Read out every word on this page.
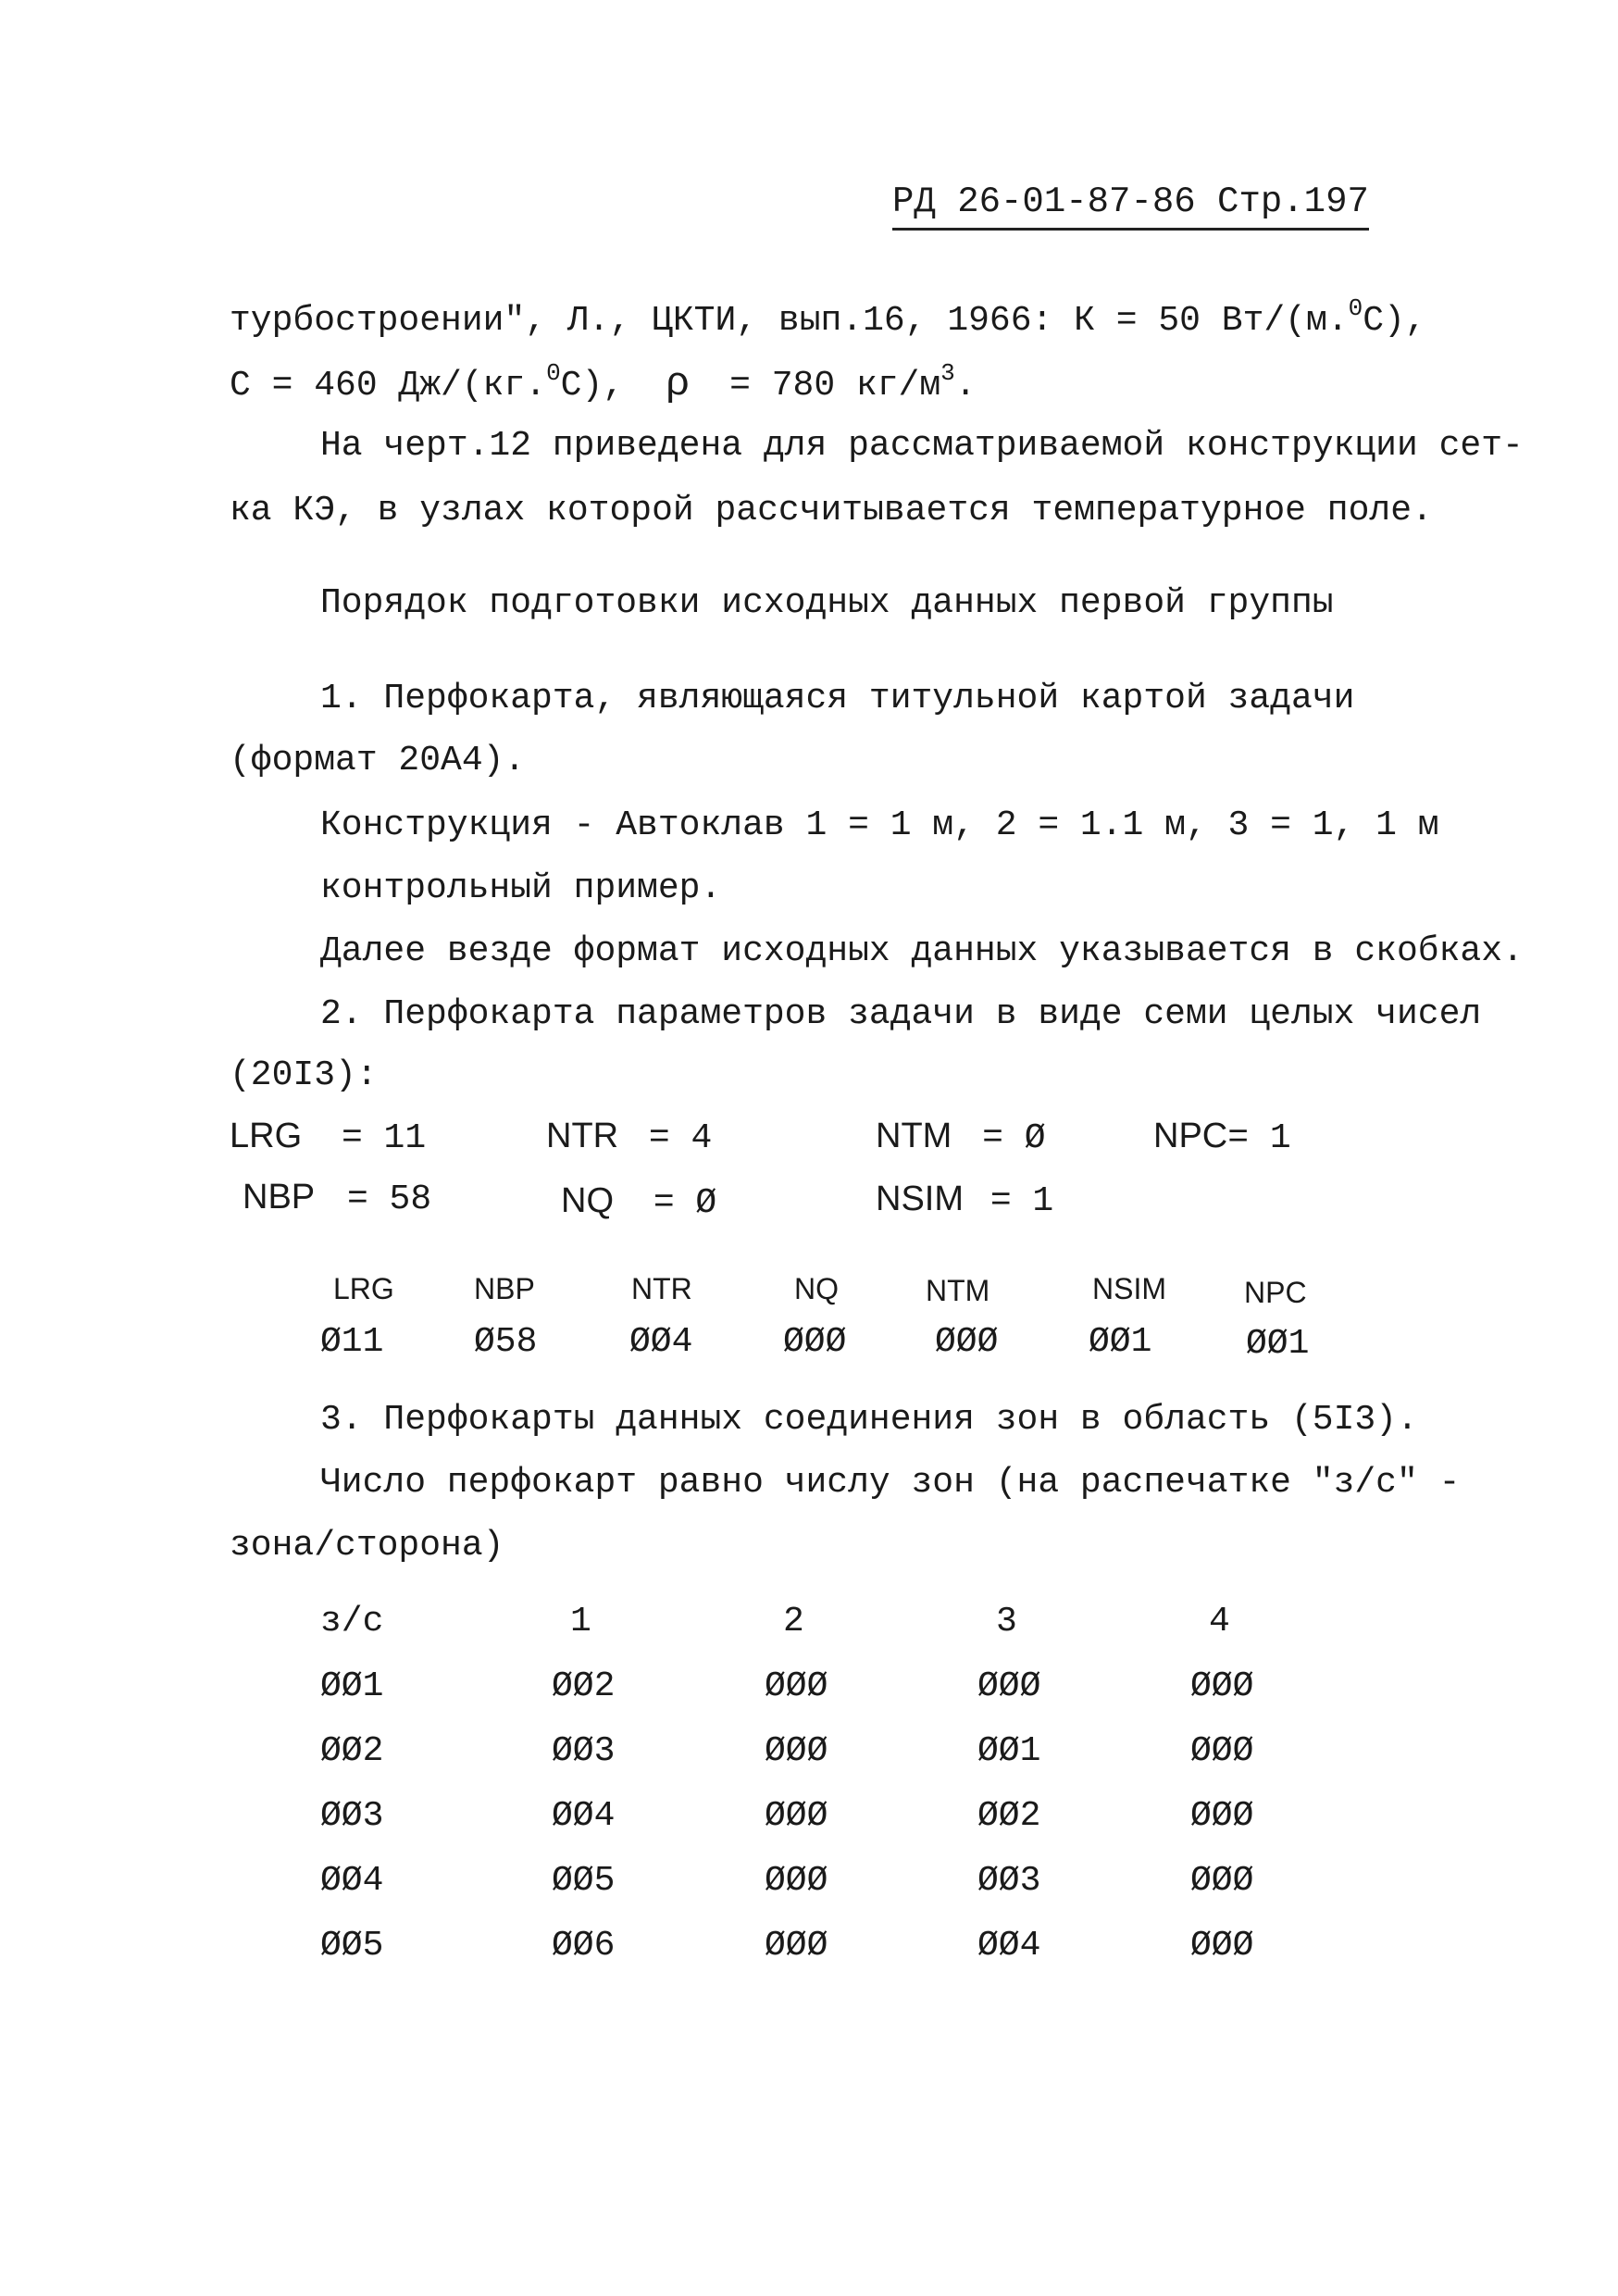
РД 26-01-87-86 Стр.197
турбостроении", Л., ЦКТИ, вып.16, 1966: К = 50 Вт/(м.$^0$С),
С = 460 Дж/(кг.$^0$С), ρ = 780 $кг/м^3$.
На черт.12 приведена для рассматриваемой конструкции сет-
ка КЭ, в узлах которой рассчитывается температурное поле.
Порядок подготовки исходных данных первой группы
1. Перфокарта, являющаяся титульной картой задачи
(формат 20А4).
Конструкция - Автоклав 1 = 1 м, 2 = 1.1 м, 3 = 1, 1 м
контрольный пример.
Далее везде формат исходных данных указывается в скобках.
2. Перфокарта параметров задачи в виде семи целых чисел
(20I3):
LRG = 11	NTR = 4	NTM = Ø	NPC= 1
NBP = 58	NQ = Ø	NSIM = 1
LRG	NBP	NTR	NQ	NTM	NSIM	NPC
Ø11	Ø58	ØØ4	ØØØ	ØØØ	ØØ1	ØØ1
3. Перфокарты данных соединения зон в область (5I3).
Число перфокарт равно числу зон (на распечатке "з/с" -
зона/сторона)
з/с	1	2	3	4
ØØ1	ØØ2	ØØØ	ØØØ	ØØØ
ØØ2	ØØ3	ØØØ	ØØ1	ØØØ
ØØ3	ØØ4	ØØØ	ØØ2	ØØØ
ØØ4	ØØ5	ØØØ	ØØ3	ØØØ
ØØ5	ØØ6	ØØØ	ØØ4	ØØØ
